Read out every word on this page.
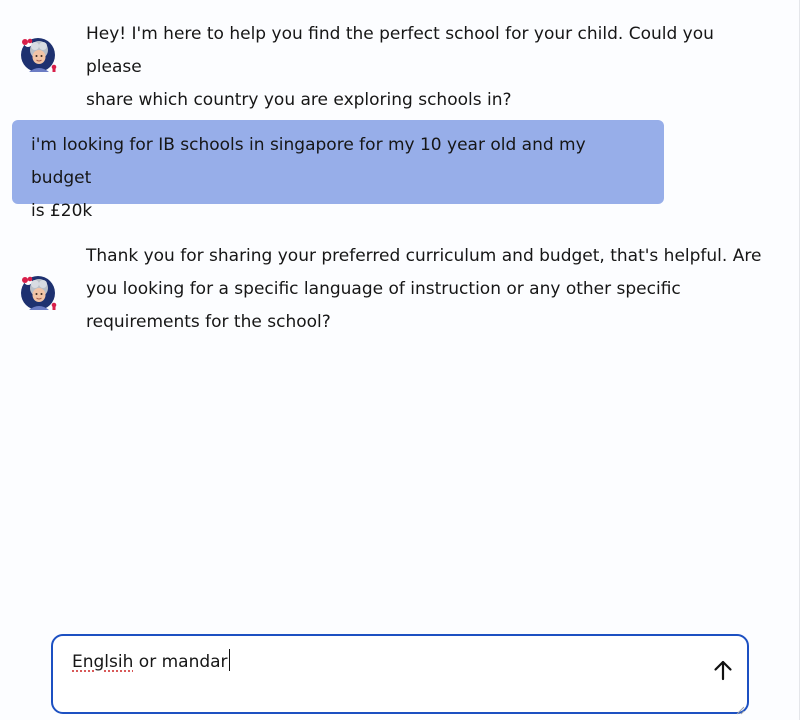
Hey! I'm here to help you find the perfect school for your child. Could you please
share which country you are exploring schools in?
i'm looking for IB schools in singapore for my 10 year old and my budget
is £20k
Thank you for sharing your preferred curriculum and budget, that's helpful. Are
you looking for a specific language of instruction or any other specific
requirements for the school?
Englsih or mandar
